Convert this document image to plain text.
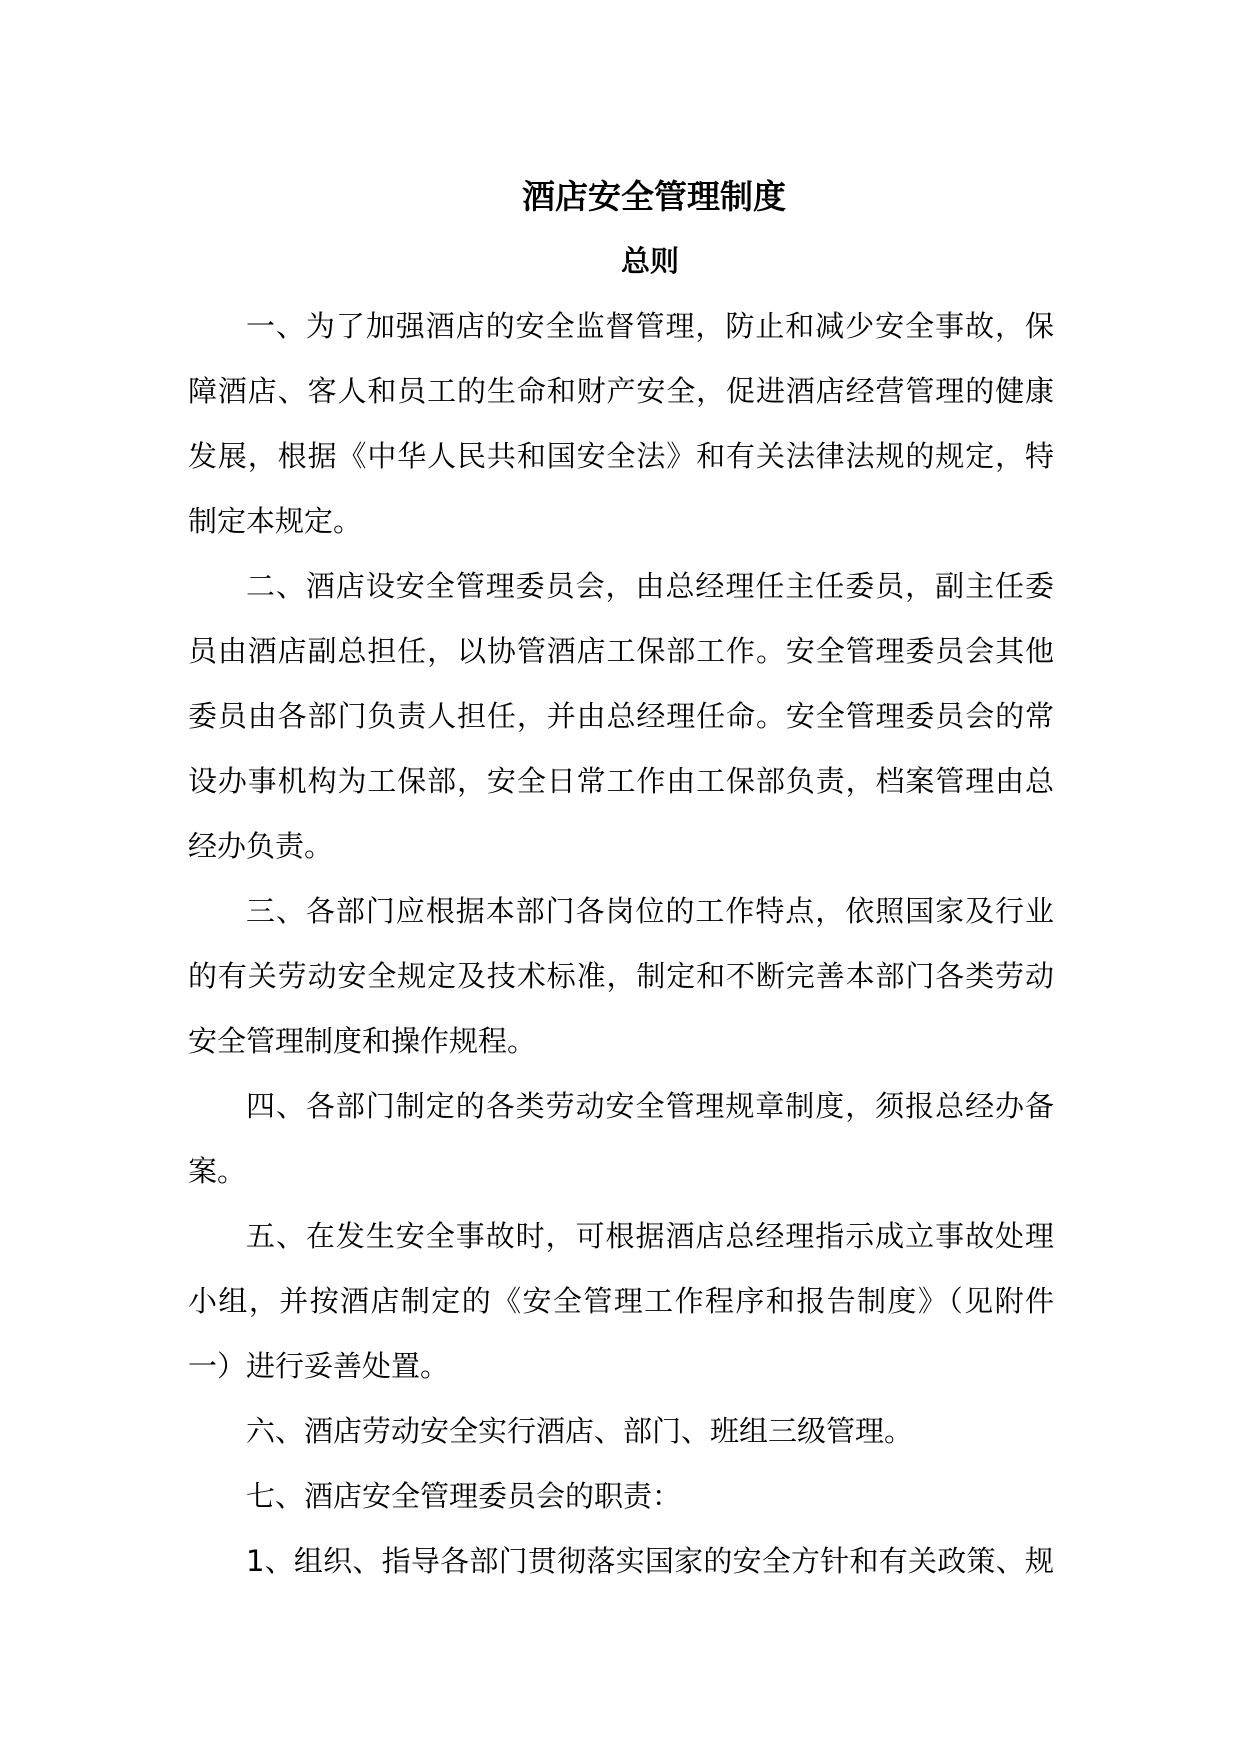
酒店安全管理制度
总则
一、为了加强酒店的安全监督管理，防止和减少安全事故，保
障酒店、客人和员工的生命和财产安全，促进酒店经营管理的健康
发展，根据《中华人民共和国安全法》和有关法律法规的规定，特
制定本规定。
二、酒店设安全管理委员会，由总经理任主任委员，副主任委
员由酒店副总担任，以协管酒店工保部工作。安全管理委员会其他
委员由各部门负责人担任，并由总经理任命。安全管理委员会的常
设办事机构为工保部，安全日常工作由工保部负责，档案管理由总
经办负责。
三、各部门应根据本部门各岗位的工作特点，依照国家及行业
的有关劳动安全规定及技术标准，制定和不断完善本部门各类劳动
安全管理制度和操作规程。
四、各部门制定的各类劳动安全管理规章制度，须报总经办备
案。
五、在发生安全事故时，可根据酒店总经理指示成立事故处理
小组，并按酒店制定的《安全管理工作程序和报告制度》（见附件
一）进行妥善处置。
六、酒店劳动安全实行酒店、部门、班组三级管理。
七、酒店安全管理委员会的职责：
1、组织、指导各部门贯彻落实国家的安全方针和有关政策、规
